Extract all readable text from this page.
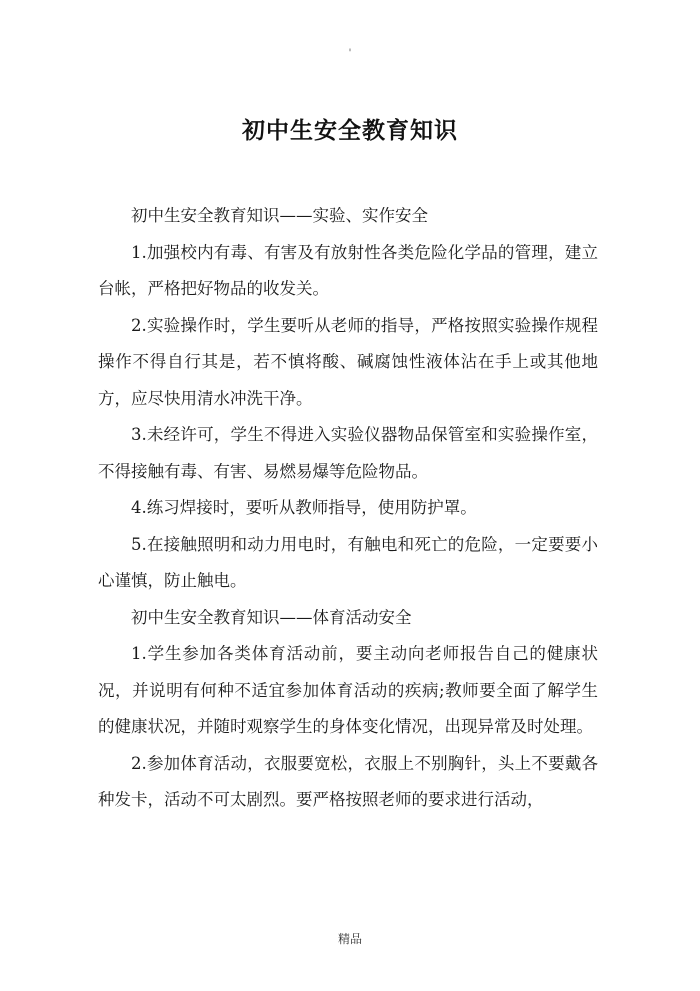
'
初中生安全教育知识

初中生安全教育知识——实验、实作安全

1.加强校内有毒、有害及有放射性各类危险化学品的管理，建立台帐，严格把好物品的收发关。

2.实验操作时，学生要听从老师的指导，严格按照实验操作规程操作不得自行其是，若不慎将酸、碱腐蚀性液体沾在手上或其他地方，应尽快用清水冲洗干净。

3.未经许可，学生不得进入实验仪器物品保管室和实验操作室，不得接触有毒、有害、易燃易爆等危险物品。

4.练习焊接时，要听从教师指导，使用防护罩。

5.在接触照明和动力用电时，有触电和死亡的危险，一定要要小心谨慎，防止触电。

初中生安全教育知识——体育活动安全

1.学生参加各类体育活动前，要主动向老师报告自己的健康状况，并说明有何种不适宜参加体育活动的疾病;教师要全面了解学生的健康状况，并随时观察学生的身体变化情况，出现异常及时处理。

2.参加体育活动，衣服要宽松，衣服上不别胸针，头上不要戴各种发卡，活动不可太剧烈。要严格按照老师的要求进行活动，

精品
